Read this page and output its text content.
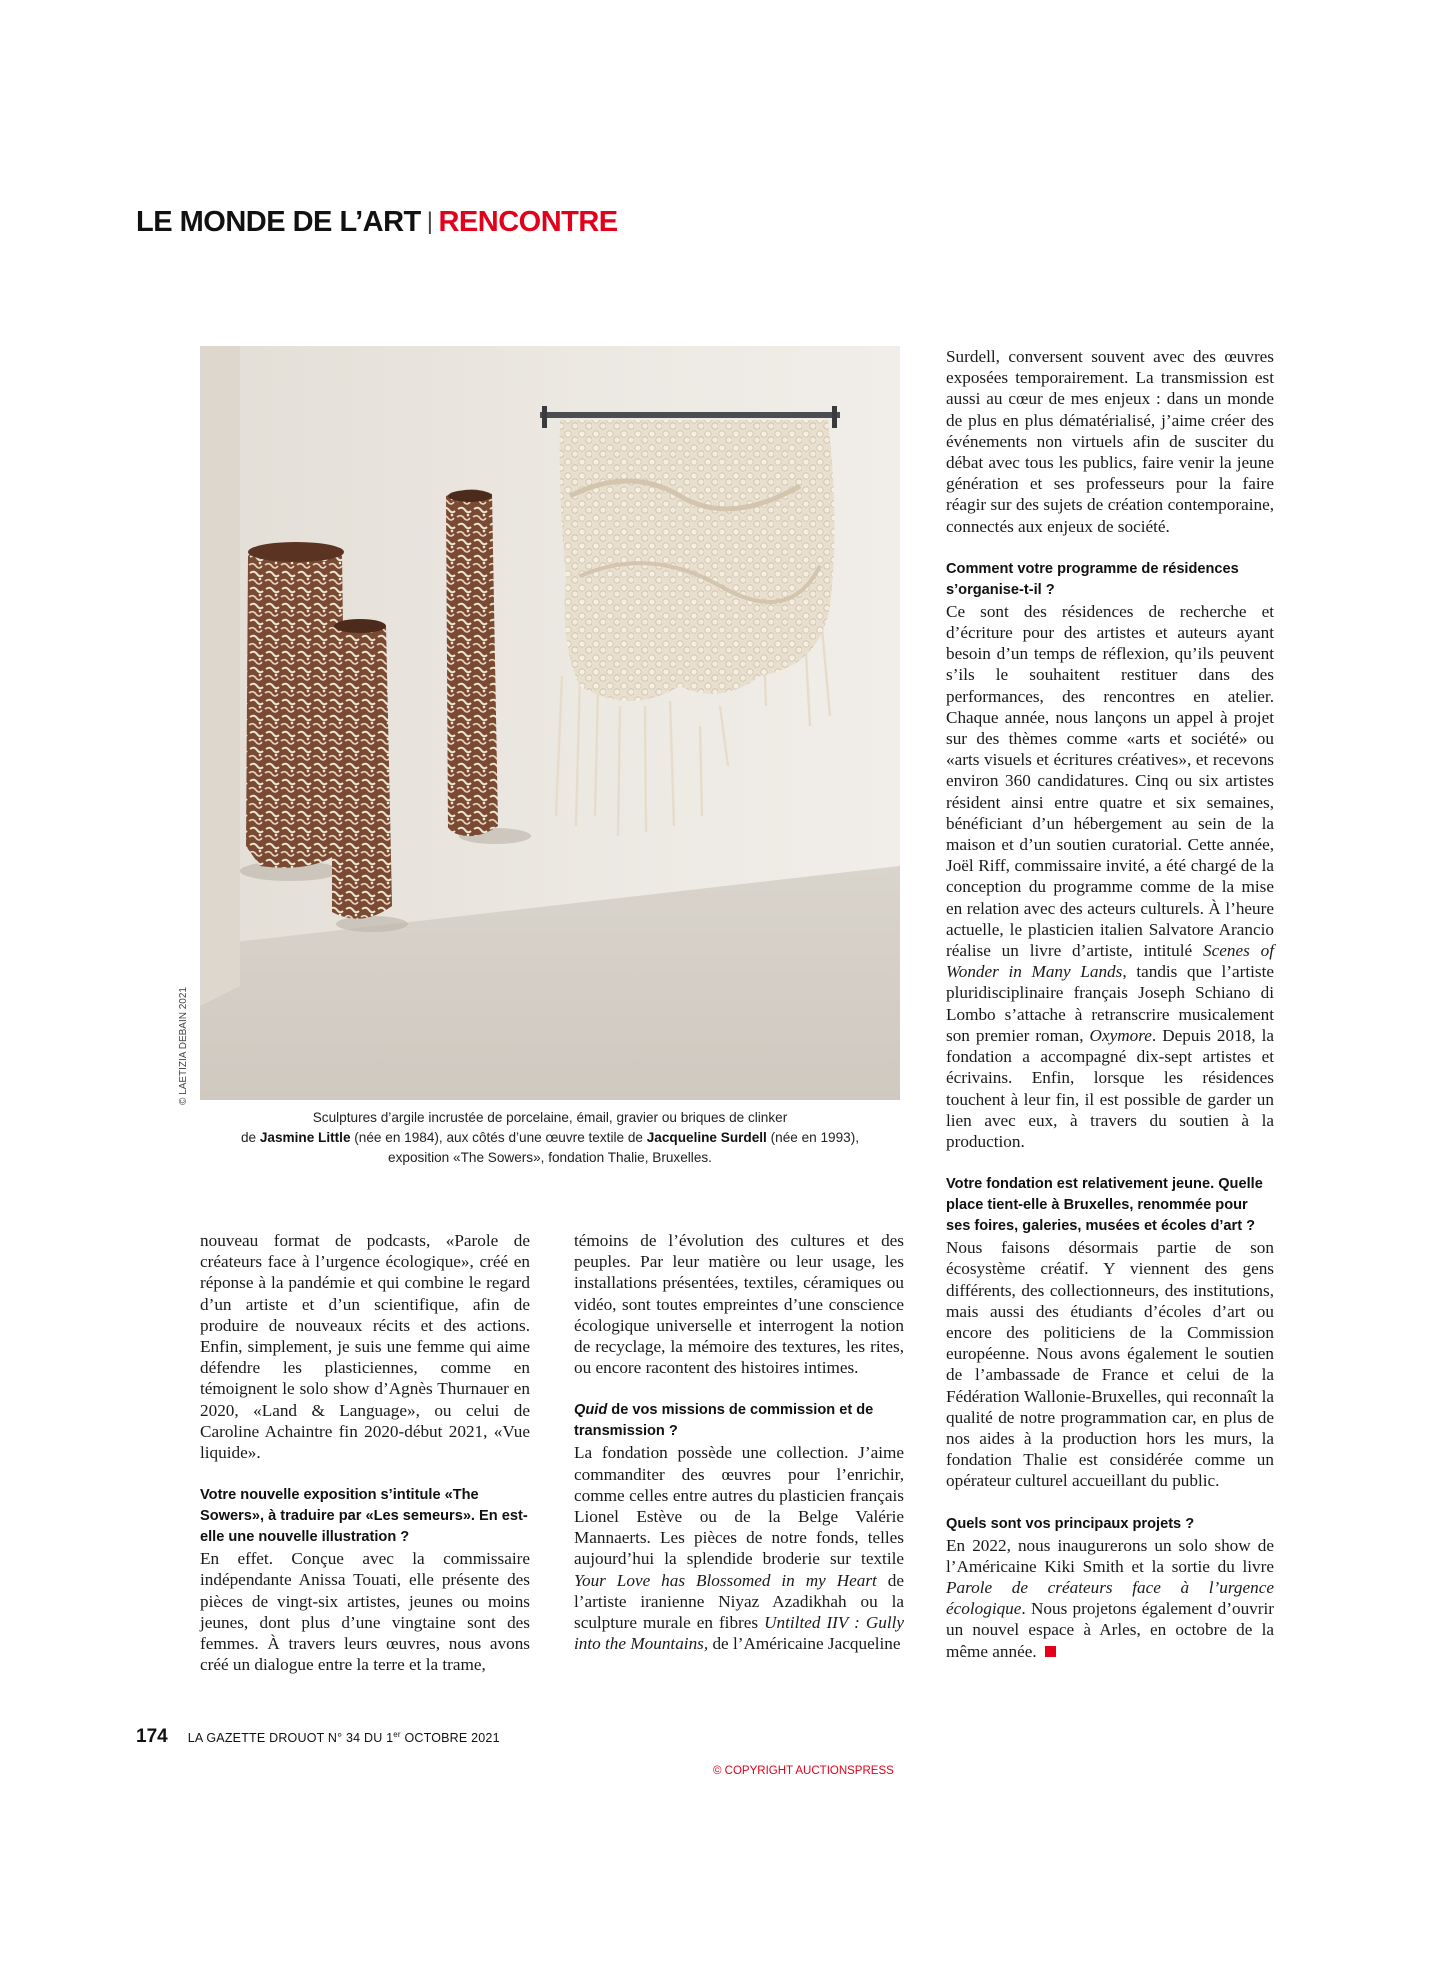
LE MONDE DE L’ART | RENCONTRE
© LAETIZIA DEBAIN 2021

Sculptures d’argile incrustée de porcelaine, émail, gravier ou briques de clinker

de Jasmine Little (née en 1984), aux côtés d’une œuvre textile de Jacqueline Surdell (née en 1993),

exposition «The Sowers», fondation Thalie, Bruxelles.

nouveau format de podcasts, «Parole de créateurs face à l’urgence écologique», créé en réponse à la pandémie et qui combine le regard d’un artiste et d’un scientifique, afin de produire de nouveaux récits et des actions. Enfin, simplement, je suis une femme qui aime défendre les plasticiennes, comme en témoignent le solo show d’Agnès Thurnauer en 2020, «Land & Language», ou celui de Caroline Achaintre fin 2020-début 2021, «Vue liquide».

Votre nouvelle exposition s’intitule «The Sowers», à traduire par «Les semeurs». En est-elle une nouvelle illustration ?

En effet. Conçue avec la commissaire indépendante Anissa Touati, elle présente des pièces de vingt-six artistes, jeunes ou moins jeunes, dont plus d’une vingtaine sont des femmes. À travers leurs œuvres, nous avons créé un dialogue entre la terre et la trame,

témoins de l’évolution des cultures et des peuples. Par leur matière ou leur usage, les installations présentées, textiles, céramiques ou vidéo, sont toutes empreintes d’une conscience écologique universelle et interrogent la notion de recyclage, la mémoire des textures, les rites, ou encore racontent des histoires intimes.

Quid de vos missions de commission et de transmission ?

La fondation possède une collection. J’aime commanditer des œuvres pour l’enrichir, comme celles entre autres du plasticien français Lionel Estève ou de la Belge Valérie Mannaerts. Les pièces de notre fonds, telles aujourd’hui la splendide broderie sur textile Your Love has Blossomed in my Heart de l’artiste iranienne Niyaz Azadikhah ou la sculpture murale en fibres Untilted IIV : Gully into the Mountains, de l’Américaine Jacqueline

Surdell, conversent souvent avec des œuvres exposées temporairement. La transmission est aussi au cœur de mes enjeux : dans un monde de plus en plus dématérialisé, j’aime créer des événements non virtuels afin de susciter du débat avec tous les publics, faire venir la jeune génération et ses professeurs pour la faire réagir sur des sujets de création contemporaine, connectés aux enjeux de société.

Comment votre programme de résidences s’organise-t-il ?

Ce sont des résidences de recherche et d’écriture pour des artistes et auteurs ayant besoin d’un temps de réflexion, qu’ils peuvent s’ils le souhaitent restituer dans des performances, des rencontres en atelier. Chaque année, nous lançons un appel à projet sur des thèmes comme «arts et société» ou «arts visuels et écritures créatives», et recevons environ 360 candidatures. Cinq ou six artistes résident ainsi entre quatre et six semaines, bénéficiant d’un hébergement au sein de la maison et d’un soutien curatorial. Cette année, Joël Riff, commissaire invité, a été chargé de la conception du programme comme de la mise en relation avec des acteurs culturels. À l’heure actuelle, le plasticien italien Salvatore Arancio réalise un livre d’artiste, intitulé Scenes of Wonder in Many Lands, tandis que l’artiste pluridisciplinaire français Joseph Schiano di Lombo s’attache à retranscrire musicalement son premier roman, Oxymore. Depuis 2018, la fondation a accompagné dix-sept artistes et écrivains. Enfin, lorsque les résidences touchent à leur fin, il est possible de garder un lien avec eux, à travers du soutien à la production.

Votre fondation est relativement jeune. Quelle place tient-elle à Bruxelles, renommée pour ses foires, galeries, musées et écoles d’art ?

Nous faisons désormais partie de son écosystème créatif. Y viennent des gens différents, des collectionneurs, des institutions, mais aussi des étudiants d’écoles d’art ou encore des politiciens de la Commission européenne. Nous avons également le soutien de l’ambassade de France et celui de la Fédération Wallonie-Bruxelles, qui reconnaît la qualité de notre programmation car, en plus de nos aides à la production hors les murs, la fondation Thalie est considérée comme un opérateur culturel accueillant du public.

Quels sont vos principaux projets ?

En 2022, nous inaugurerons un solo show de l’Américaine Kiki Smith et la sortie du livre Parole de créateurs face à l’urgence écologique. Nous projetons également d’ouvrir un nouvel espace à Arles, en octobre de la même année.

174 LA GAZETTE DROUOT N° 34 DU 1er OCTOBRE 2021
© COPYRIGHT AUCTIONSPRESS
